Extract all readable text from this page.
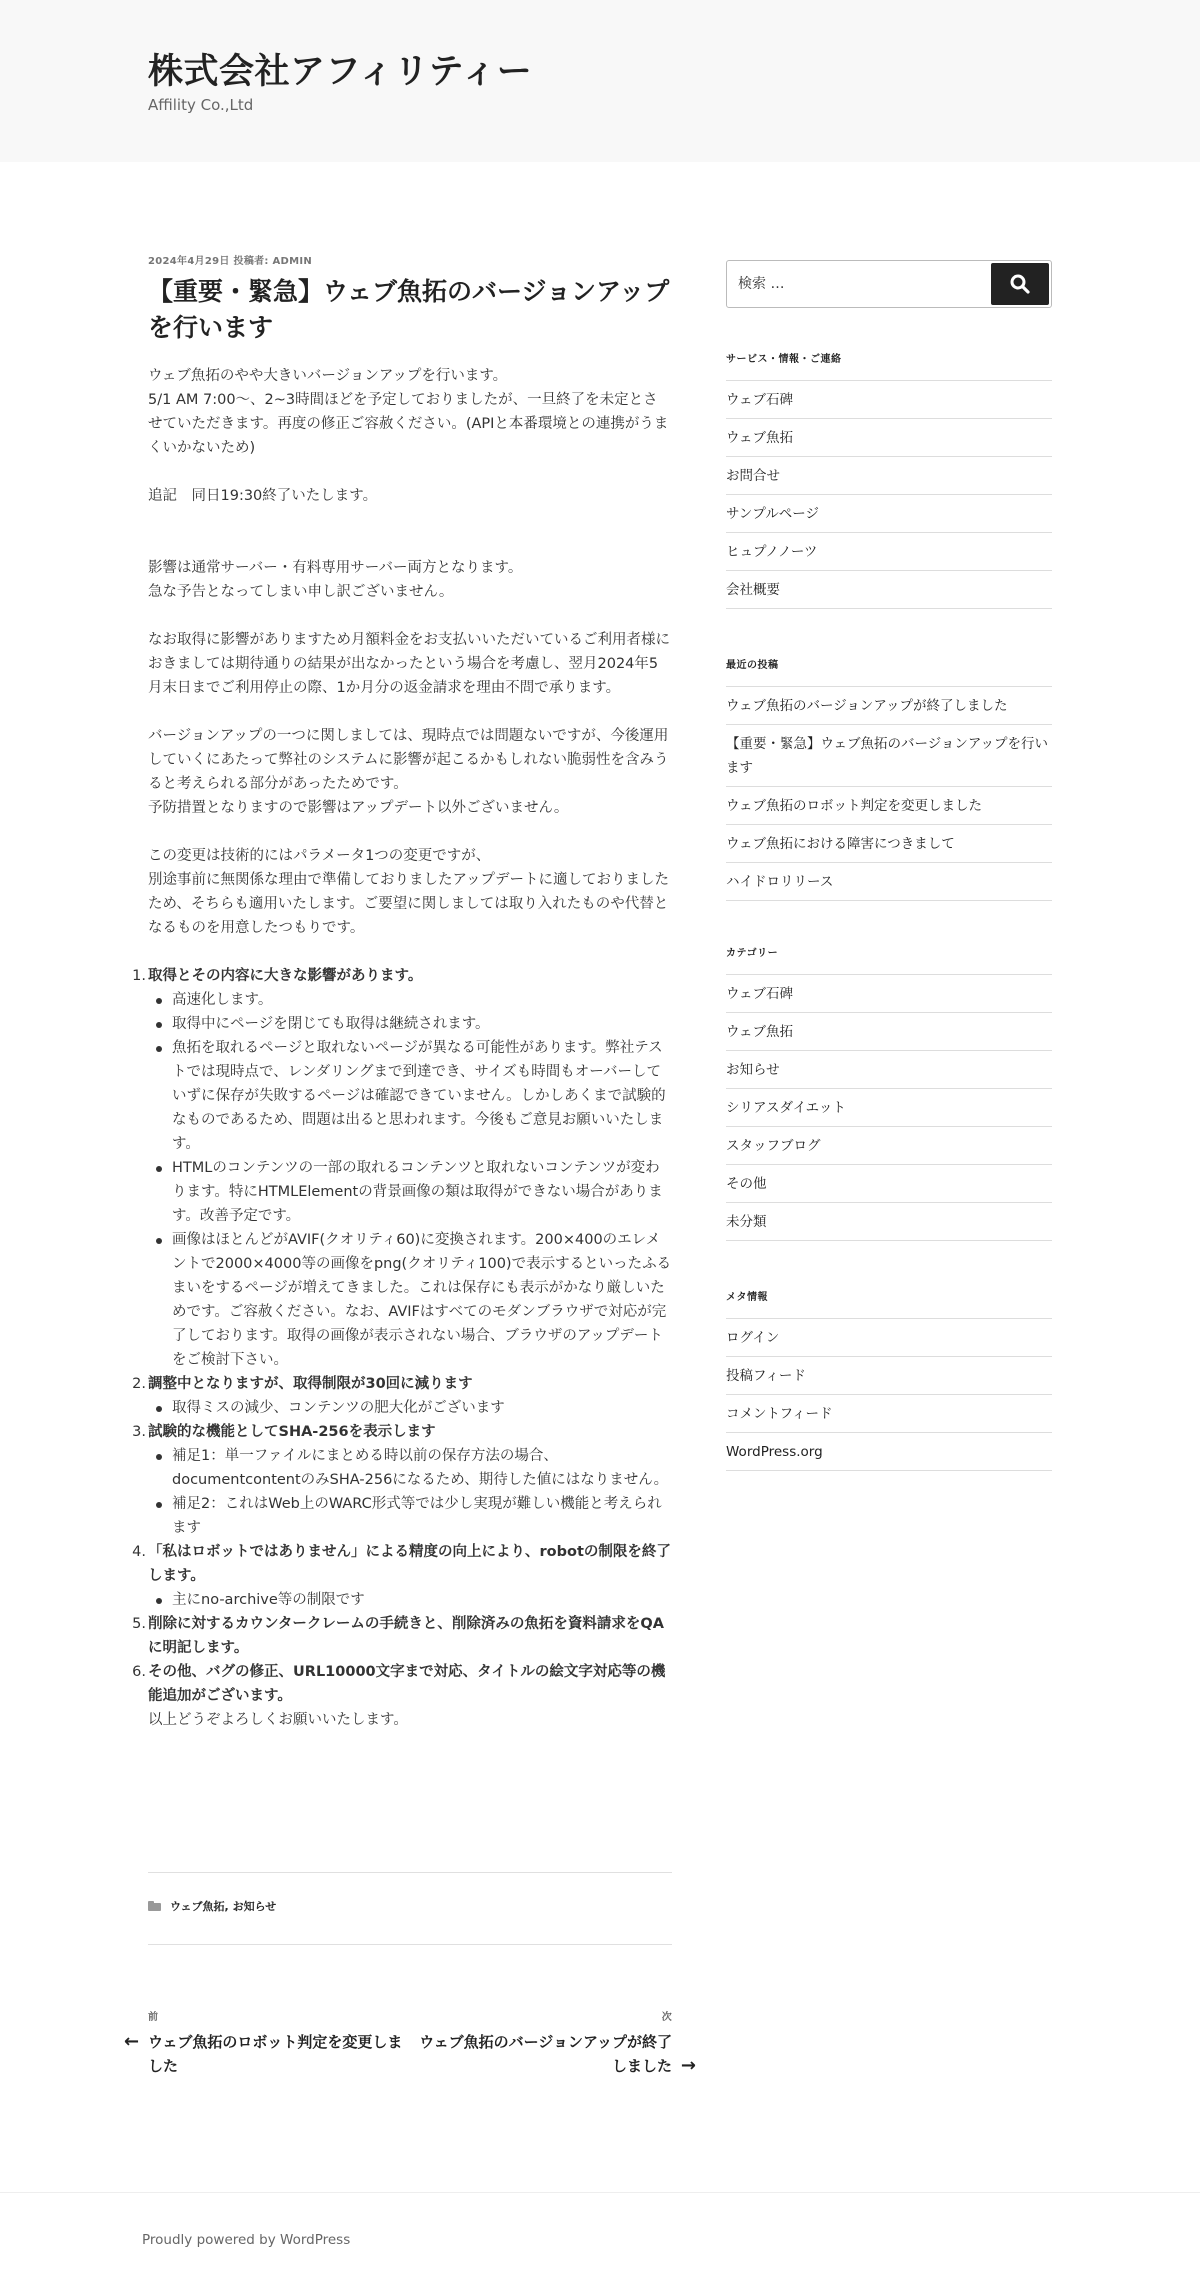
株式会社アフィリティー
Affility Co.,Ltd
2024年4月29日 投稿者: ADMIN
【重要・緊急】ウェブ魚拓のバージョンアップを行います

ウェブ魚拓のやや大きいバージョンアップを行います。

5/1 AM 7:00〜、2~3時間ほどを予定しておりましたが、一旦終了を未定とさせていただきます。再度の修正ご容赦ください。(APIと本番環境との連携がうまくいかないため)

追記　同日19:30終了いたします。

影響は通常サーバー・有料専用サーバー両方となります。

急な予告となってしまい申し訳ございません。

なお取得に影響がありますため月額料金をお支払いいただいているご利用者様におきましては期待通りの結果が出なかったという場合を考慮し、翌月2024年5月末日までご利用停止の際、1か月分の返金請求を理由不問で承ります。

バージョンアップの一つに関しましては、現時点では問題ないですが、今後運用していくにあたって弊社のシステムに影響が起こるかもしれない脆弱性を含みうると考えられる部分があったためです。

予防措置となりますので影響はアップデート以外ございません。

この変更は技術的にはパラメータ1つの変更ですが、

別途事前に無関係な理由で準備しておりましたアップデートに適しておりましたため、そちらも適用いたします。ご要望に関しましては取り入れたものや代替となるものを用意したつもりです。

1. 取得とその内容に大きな影響があります。
高速化します。
取得中にページを閉じても取得は継続されます。
魚拓を取れるページと取れないページが異なる可能性があります。弊社テストでは現時点で、レンダリングまで到達でき、サイズも時間もオーバーしていずに保存が失敗するページは確認できていません。しかしあくまで試験的なものであるため、問題は出ると思われます。今後もご意見お願いいたします。
HTMLのコンテンツの一部の取れるコンテンツと取れないコンテンツが変わります。特にHTMLElementの背景画像の類は取得ができない場合があります。改善予定です。
画像はほとんどがAVIF(クオリティ60)に変換されます。200×400のエレメントで2000×4000等の画像をpng(クオリティ100)で表示するといったふるまいをするページが増えてきました。これは保存にも表示がかなり厳しいためです。ご容赦ください。なお、AVIFはすべてのモダンブラウザで対応が完了しております。取得の画像が表示されない場合、ブラウザのアップデートをご検討下さい。
2. 調整中となりますが、取得制限が30回に減ります
取得ミスの減少、コンテンツの肥大化がございます
3. 試験的な機能としてSHA-256を表示します
補足1：単一ファイルにまとめる時以前の保存方法の場合、documentcontentのみSHA-256になるため、期待した値にはなりません。
補足2：これはWeb上のWARC形式等では少し実現が難しい機能と考えられます
4. 「私はロボットではありません」による精度の向上により、robotの制限を終了します。
主にno-archive等の制限です
5. 削除に対するカウンタークレームの手続きと、削除済みの魚拓を資料請求をQAに明記します。
6. その他、バグの修正、URL10000文字まで対応、タイトルの絵文字対応等の機能追加がございます。

以上どうぞよろしくお願いいたします。

ウェブ魚拓, お知らせ
前
← ウェブ魚拓のロボット判定を変更しました
次
ウェブ魚拓のバージョンアップが終了しました →
Proudly powered by WordPress
検索 …
サービス・情報・ご連絡
ウェブ石碑
ウェブ魚拓
お問合せ
サンプルページ
ヒュプノノーツ
会社概要
最近の投稿
ウェブ魚拓のバージョンアップが終了しました
【重要・緊急】ウェブ魚拓のバージョンアップを行います
ウェブ魚拓のロボット判定を変更しました
ウェブ魚拓における障害につきまして
ハイドロリリース
カテゴリー
ウェブ石碑
ウェブ魚拓
お知らせ
シリアスダイエット
スタッフブログ
その他
未分類
メタ情報
ログイン
投稿フィード
コメントフィード
WordPress.org
